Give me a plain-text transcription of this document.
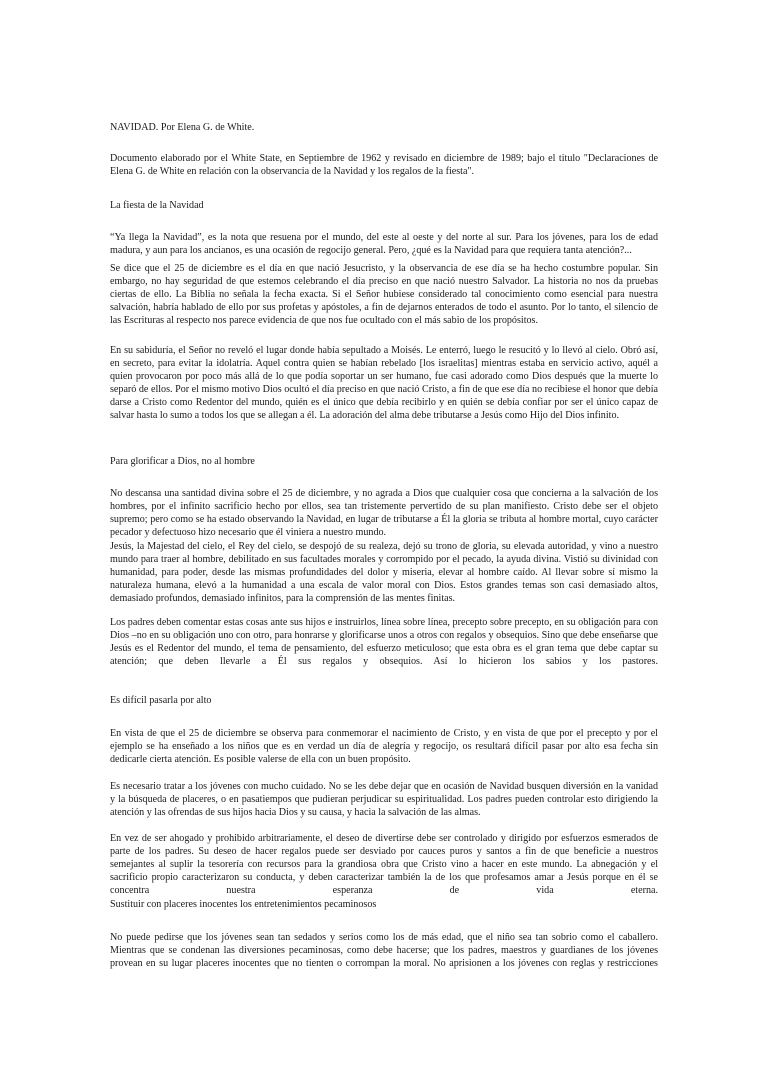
NAVIDAD. Por Elena G. de White.

Documento elaborado por el White State, en Septiembre de 1962 y revisado en diciembre de 1989; bajo el titulo "Declaraciones de Elena G. de White en relación con la observancia de la Navidad y los regalos de la fiesta".

La fiesta de la Navidad

“Ya llega la Navidad”, es la nota que resuena por el mundo, del este al oeste y del norte al sur. Para los jóvenes, para los de edad madura, y aun para los ancianos, es una ocasión de regocijo general. Pero, ¿qué es la Navidad para que requiera tanta atención?...

Se dice que el 25 de diciembre es el día en que nació Jesucristo, y la observancia de ese día se ha hecho costumbre popular. Sin embargo, no hay seguridad de que estemos celebrando el día preciso en que nació nuestro Salvador. La historia no nos da pruebas ciertas de ello. La Biblia no señala la fecha exacta. Si el Señor hubiese considerado tal conocimiento como esencial para nuestra salvación, habría hablado de ello por sus profetas y apóstoles, a fin de dejarnos enterados de todo el asunto. Por lo tanto, el silencio de las Escrituras al respecto nos parece evidencia de que nos fue ocultado con el más sabio de los propósitos.

En su sabiduría, el Señor no reveló el lugar donde había sepultado a Moisés. Le enterró, luego le resucitó y lo llevó al cielo. Obró así, en secreto, para evitar la idolatría. Aquel contra quien se habían rebelado [los israelitas] mientras estaba en servicio activo, aquél a quien provocaron por poco más allá de lo que podía soportar un ser humano, fue casi adorado como Dios después que la muerte lo separó de ellos. Por el mismo motivo Dios ocultó el día preciso en que nació Cristo, a fin de que ese día no recibiese el honor que debía darse a Cristo como Redentor del mundo, quién es el único que debía recibirlo y en quién se debía confiar por ser el único capaz de salvar hasta lo sumo a todos los que se allegan a él. La adoración del alma debe tributarse a Jesús como Hijo del Dios infinito.

Para glorificar a Dios, no al hombre

No descansa una santidad divina sobre el 25 de diciembre, y no agrada a Dios que cualquier cosa que concierna a la salvación de los hombres, por el infinito sacrificio hecho por ellos, sea tan tristemente pervertido de su plan manifiesto. Cristo debe ser el objeto supremo; pero como se ha estado observando la Navidad, en lugar de tributarse a Él la gloria se tributa al hombre mortal, cuyo carácter pecador y defectuoso hizo necesario que él viniera a nuestro mundo.

Jesús, la Majestad del cielo, el Rey del cielo, se despojó de su realeza, dejó su trono de gloria, su elevada autoridad, y vino a nuestro mundo para traer al hombre, debilitado en sus facultades morales y corrompido por el pecado, la ayuda divina. Vistió su divinidad con humanidad, para poder, desde las mismas profundidades del dolor y miseria, elevar al hombre caído. Al llevar sobre sí mismo la naturaleza humana, elevó a la humanidad a una escala de valor moral con Dios. Estos grandes temas son casi demasiado altos, demasiado profundos, demasiado infinitos, para la comprensión de las mentes finitas.

Los padres deben comentar estas cosas ante sus hijos e instruirlos, línea sobre línea, precepto sobre precepto, en su obligación para con Dios –no en su obligación uno con otro, para honrarse y glorificarse unos a otros con regalos y obsequios. Sino que debe enseñarse que Jesús es el Redentor del mundo, el tema de pensamiento, del esfuerzo meticuloso; que esta obra es el gran tema que debe captar su atención; que deben llevarle a Él sus regalos y obsequios. Así lo hicieron los sabios y los pastores.

Es difícil pasarla por alto

En vista de que el 25 de diciembre se observa para conmemorar el nacimiento de Cristo, y en vista de que por el precepto y por el ejemplo se ha enseñado a los niños que es en verdad un día de alegría y regocijo, os resultará difícil pasar por alto esa fecha sin dedicarle cierta atención. Es posible valerse de ella con un buen propósito.

Es necesario tratar a los jóvenes con mucho cuidado. No se les debe dejar que en ocasión de Navidad busquen diversión en la vanidad y la búsqueda de placeres, o en pasatiempos que pudieran perjudicar su espiritualidad. Los padres pueden controlar esto dirigiendo la atención y las ofrendas de sus hijos hacia Dios y su causa, y hacia la salvación de las almas.

En vez de ser ahogado y prohibido arbitrariamente, el deseo de divertirse debe ser controlado y dirigido por esfuerzos esmerados de parte de los padres. Su deseo de hacer regalos puede ser desviado por cauces puros y santos a fin de que beneficie a nuestros semejantes al suplir la tesorería con recursos para la grandiosa obra que Cristo vino a hacer en este mundo. La abnegación y el sacrificio propio caracterizaron su conducta, y deben caracterizar también la de los que profesamos amar a Jesús porque en él se concentra nuestra esperanza de vida eterna.

Sustituir con placeres inocentes los entretenimientos pecaminosos

No puede pedirse que los jóvenes sean tan sedados y serios como los de más edad, que el niño sea tan sobrio como el caballero. Mientras que se condenan las diversiones pecaminosas, como debe hacerse; que los padres, maestros y guardianes de los jóvenes provean en su lugar placeres inocentes que no tienten o corrompan la moral. No aprisionen a los jóvenes con reglas y restricciones
